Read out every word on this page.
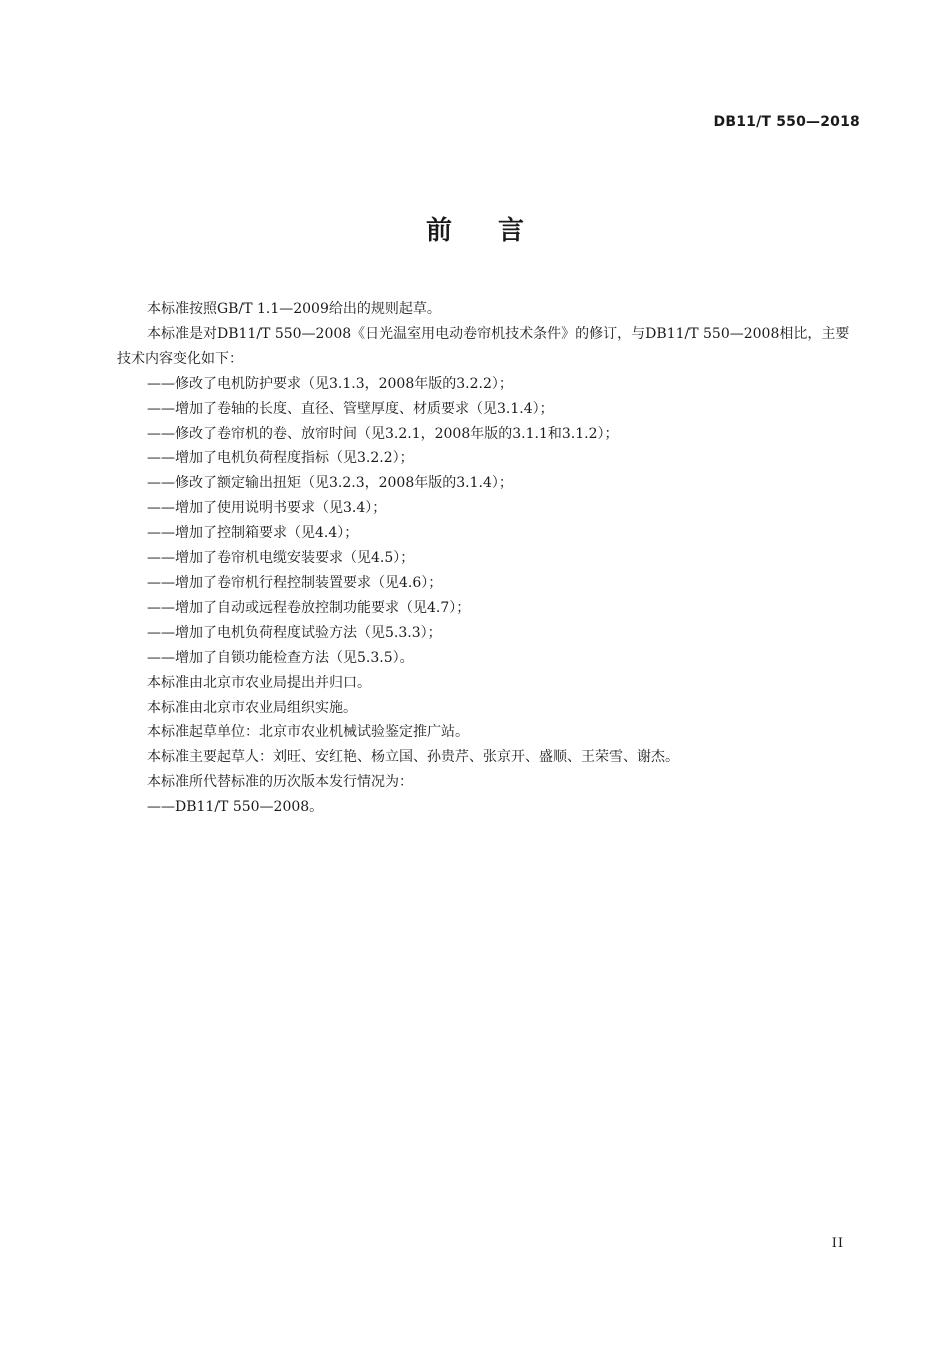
DB11/T 550—2018
前 言

本标准按照GB/T 1.1—2009给出的规则起草。

本标准是对DB11/T 550—2008《日光温室用电动卷帘机技术条件》的修订，与DB11/T 550—2008相比，主要技术内容变化如下：

——修改了电机防护要求（见3.1.3，2008年版的3.2.2）；

——增加了卷轴的长度、直径、管壁厚度、材质要求（见3.1.4）；

——修改了卷帘机的卷、放帘时间（见3.2.1，2008年版的3.1.1和3.1.2）；

——增加了电机负荷程度指标（见3.2.2）；

——修改了额定输出扭矩（见3.2.3，2008年版的3.1.4）；

——增加了使用说明书要求（见3.4）；

——增加了控制箱要求（见4.4）；

——增加了卷帘机电缆安装要求（见4.5）；

——增加了卷帘机行程控制装置要求（见4.6）；

——增加了自动或远程卷放控制功能要求（见4.7）；

——增加了电机负荷程度试验方法（见5.3.3）；

——增加了自锁功能检查方法（见5.3.5）。

本标准由北京市农业局提出并归口。

本标准由北京市农业局组织实施。

本标准起草单位：北京市农业机械试验鉴定推广站。

本标准主要起草人：刘旺、安红艳、杨立国、孙贵芹、张京开、盛顺、王荣雪、谢杰。

本标准所代替标准的历次版本发行情况为：

——DB11/T 550—2008。

II
